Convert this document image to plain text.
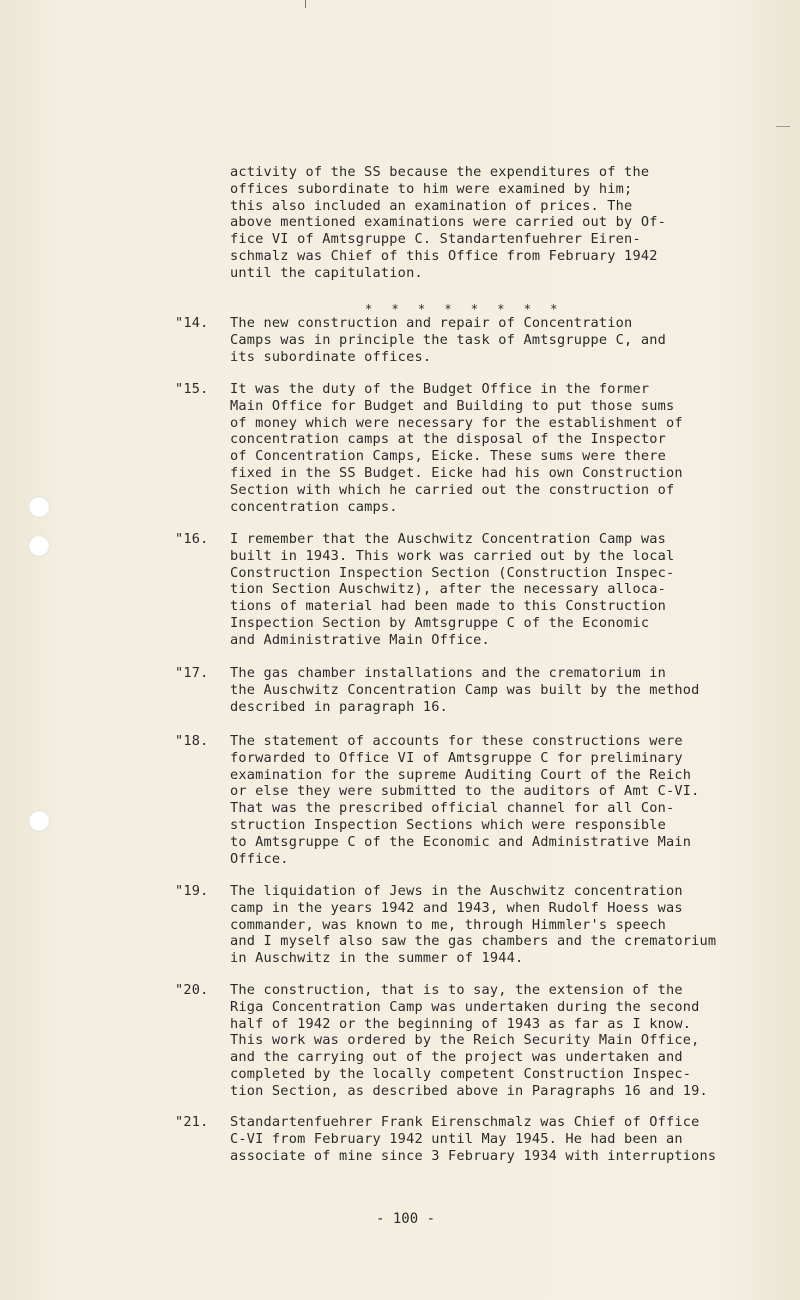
activity of the SS because the expenditures of the
offices subordinate to him were examined by him;
this also included an examination of prices. The
above mentioned examinations were carried out by Of-
fice VI of Amtsgruppe C. Standartenfuehrer Eiren-
schmalz was Chief of this Office from February 1942
until the capitulation.
* * * * * * * *
"14. The new construction and repair of Concentration
Camps was in principle the task of Amtsgruppe C, and
its subordinate offices.
"15. It was the duty of the Budget Office in the former
Main Office for Budget and Building to put those sums
of money which were necessary for the establishment of
concentration camps at the disposal of the Inspector
of Concentration Camps, Eicke. These sums were there
fixed in the SS Budget. Eicke had his own Construction
Section with which he carried out the construction of
concentration camps.
"16. I remember that the Auschwitz Concentration Camp was
built in 1943. This work was carried out by the local
Construction Inspection Section (Construction Inspec-
tion Section Auschwitz), after the necessary alloca-
tions of material had been made to this Construction
Inspection Section by Amtsgruppe C of the Economic
and Administrative Main Office.
"17. The gas chamber installations and the crematorium in
the Auschwitz Concentration Camp was built by the method
described in paragraph 16.
"18. The statement of accounts for these constructions were
forwarded to Office VI of Amtsgruppe C for preliminary
examination for the supreme Auditing Court of the Reich
or else they were submitted to the auditors of Amt C-VI.
That was the prescribed official channel for all Con-
struction Inspection Sections which were responsible
to Amtsgruppe C of the Economic and Administrative Main
Office.
"19. The liquidation of Jews in the Auschwitz concentration
camp in the years 1942 and 1943, when Rudolf Hoess was
commander, was known to me, through Himmler's speech
and I myself also saw the gas chambers and the crematorium
in Auschwitz in the summer of 1944.
"20. The construction, that is to say, the extension of the
Riga Concentration Camp was undertaken during the second
half of 1942 or the beginning of 1943 as far as I know.
This work was ordered by the Reich Security Main Office,
and the carrying out of the project was undertaken and
completed by the locally competent Construction Inspec-
tion Section, as described above in Paragraphs 16 and 19.
"21. Standartenfuehrer Frank Eirenschmalz was Chief of Office
C-VI from February 1942 until May 1945. He had been an
associate of mine since 3 February 1934 with interruptions
- 100 -
